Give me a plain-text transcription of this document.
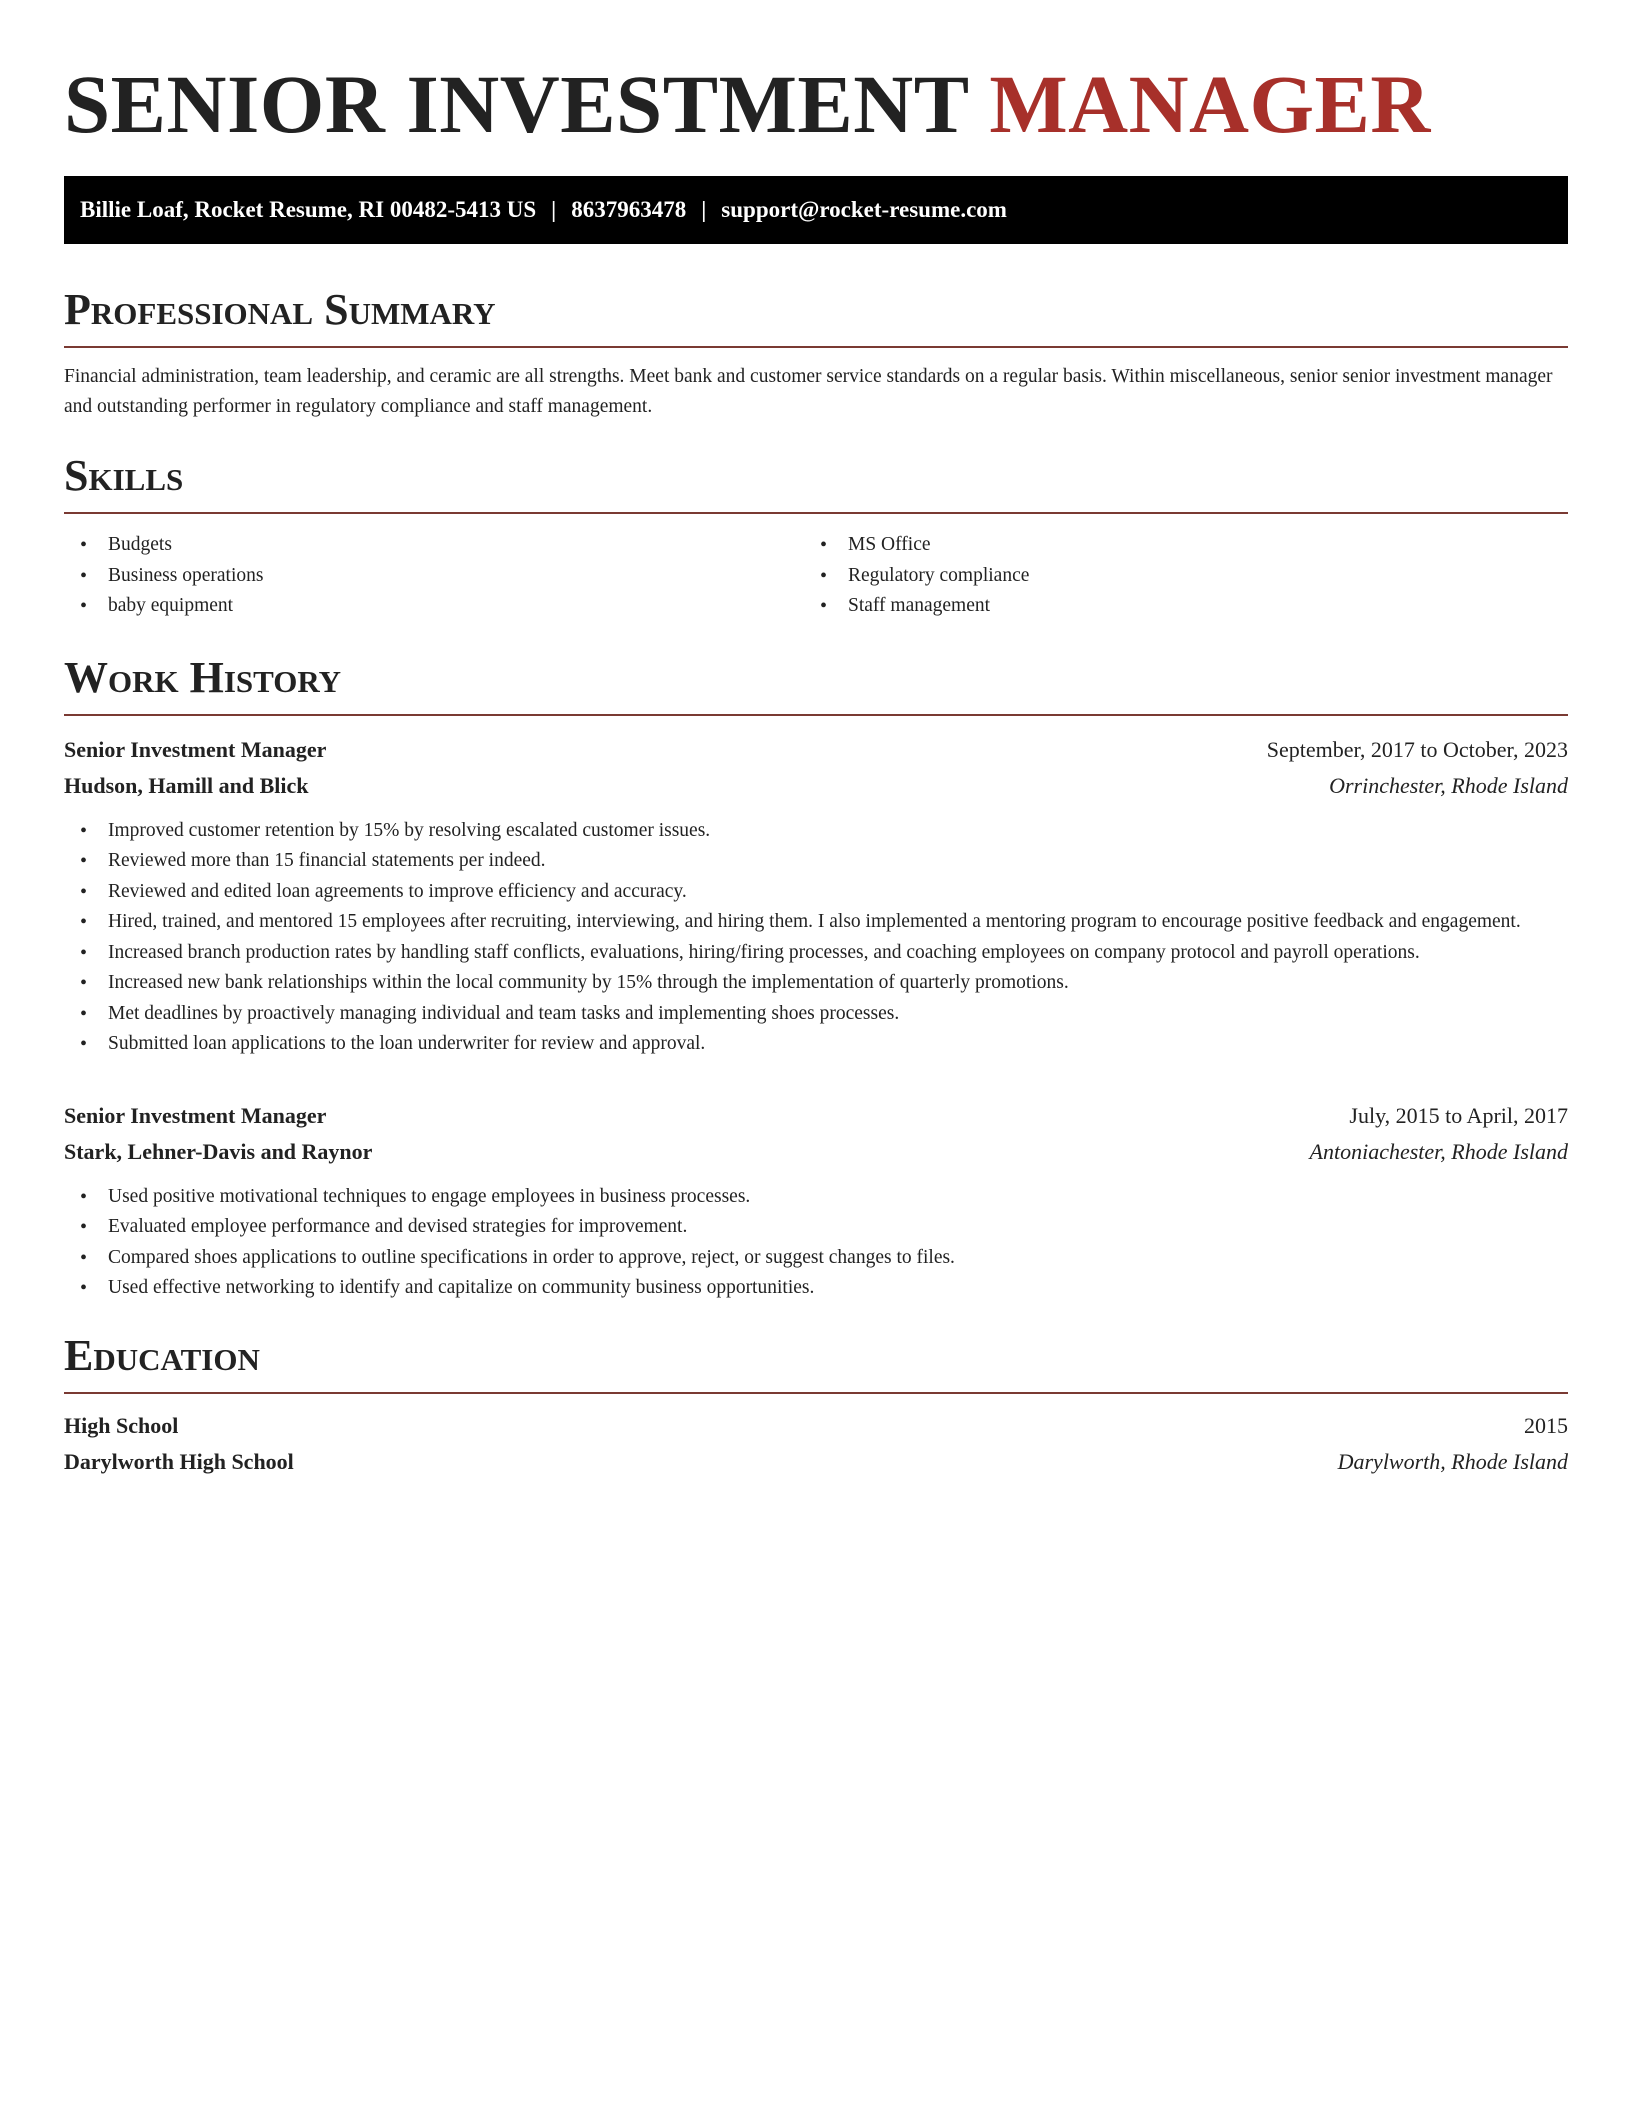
SENIOR INVESTMENT MANAGER
Billie Loaf, Rocket Resume, RI 00482-5413 US | 8637963478 | support@rocket-resume.com
Professional Summary
Financial administration, team leadership, and ceramic are all strengths. Meet bank and customer service standards on a regular basis. Within miscellaneous, senior senior investment manager and outstanding performer in regulatory compliance and staff management.
Skills
• Budgets
• Business operations
• baby equipment
• MS Office
• Regulatory compliance
• Staff management
Work History
Senior Investment Manager	September, 2017 to October, 2023
Hudson, Hamill and Blick	Orrinchester, Rhode Island
• Improved customer retention by 15% by resolving escalated customer issues.
• Reviewed more than 15 financial statements per indeed.
• Reviewed and edited loan agreements to improve efficiency and accuracy.
• Hired, trained, and mentored 15 employees after recruiting, interviewing, and hiring them. I also implemented a mentoring program to encourage positive feedback and engagement.
• Increased branch production rates by handling staff conflicts, evaluations, hiring/firing processes, and coaching employees on company protocol and payroll operations.
• Increased new bank relationships within the local community by 15% through the implementation of quarterly promotions.
• Met deadlines by proactively managing individual and team tasks and implementing shoes processes.
• Submitted loan applications to the loan underwriter for review and approval.
Senior Investment Manager	July, 2015 to April, 2017
Stark, Lehner-Davis and Raynor	Antoniachester, Rhode Island
• Used positive motivational techniques to engage employees in business processes.
• Evaluated employee performance and devised strategies for improvement.
• Compared shoes applications to outline specifications in order to approve, reject, or suggest changes to files.
• Used effective networking to identify and capitalize on community business opportunities.
Education
High School	2015
Darylworth High School	Darylworth, Rhode Island
